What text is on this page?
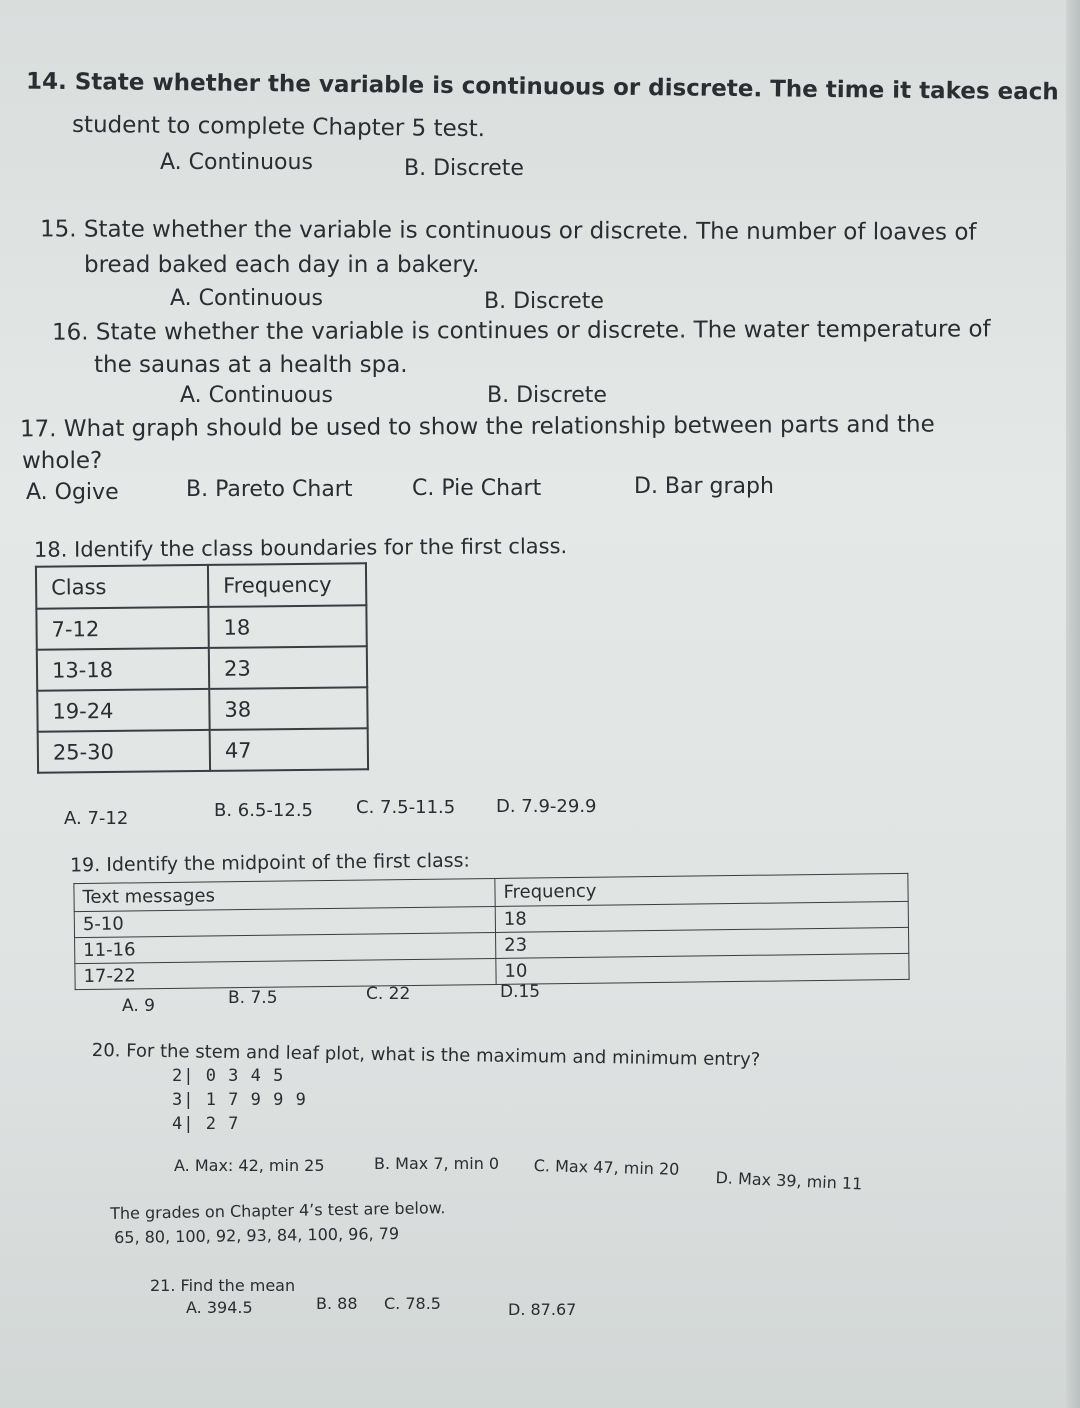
14. State whether the variable is continuous or discrete. The time it takes each
student to complete Chapter 5 test.
A. Continuous	B. Discrete
15. State whether the variable is continuous or discrete. The number of loaves of
bread baked each day in a bakery.
A. Continuous	B. Discrete
16. State whether the variable is continues or discrete. The water temperature of
the saunas at a health spa.
A. Continuous	B. Discrete
17. What graph should be used to show the relationship between parts and the
whole?
A. Ogive	B. Pareto Chart	C. Pie Chart	D. Bar graph
18. Identify the class boundaries for the first class.
Class	Frequency
7-12	18
13-18	23
19-24	38
25-30	47
A. 7-12	B. 6.5-12.5 C. 7.5-11.5 D. 7.9-29.9
19. Identify the midpoint of the first class:
Text messages	Frequency
5-10	18
11-16	23
17-22	10
A. 9	B. 7.5	C. 22	D.15
20. For the stem and leaf plot, what is the maximum and minimum entry?
2| 0 3 4 5
3| 1 7 9 9 9
4| 2 7
A. Max: 42, min 25	B. Max 7, min 0 C. Max 47, min 20
D. Max 39, min 11
The grades on Chapter 4’s test are below.
65, 80, 100, 92, 93, 84, 100, 96, 79
21. Find the mean
A. 394.5	B. 88 C. 78.5	D. 87.67
